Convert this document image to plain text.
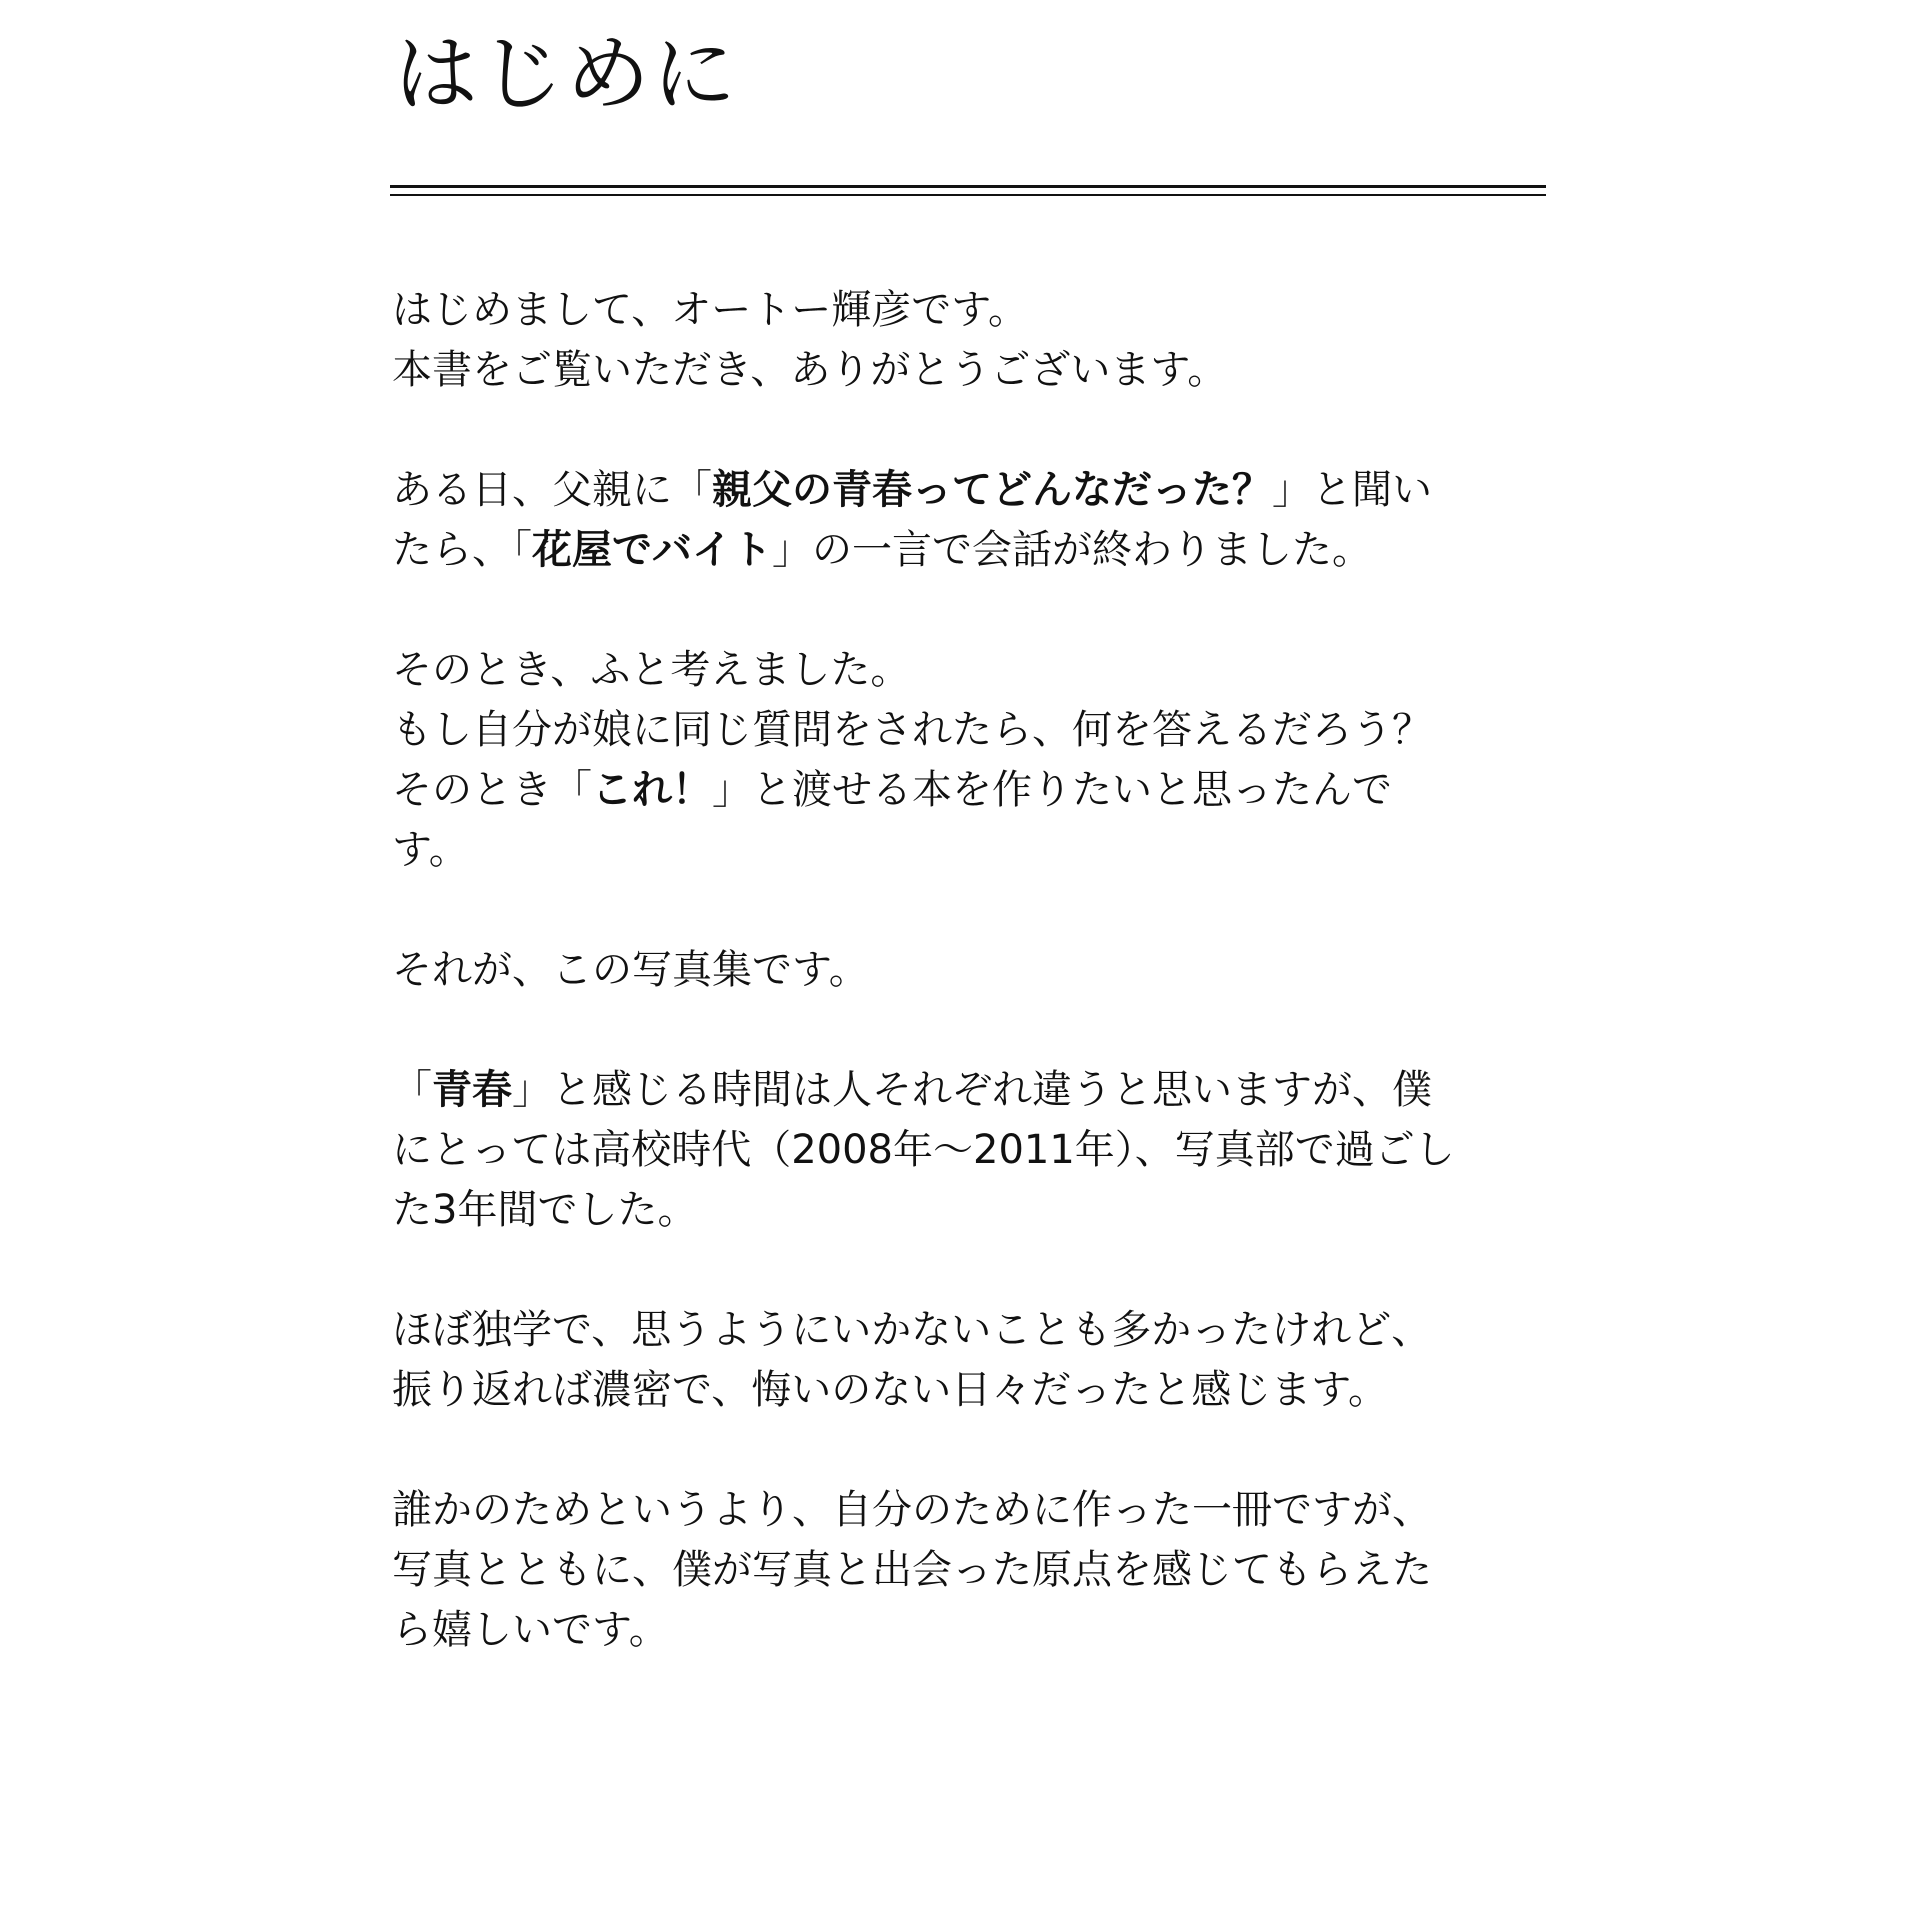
はじめに

はじめまして、オートー輝彦です。
本書をご覧いただき、ありがとうございます。

ある日、父親に「親父の青春ってどんなだった？」と聞い
たら、「花屋でバイト」の一言で会話が終わりました。

そのとき、ふと考えました。
もし自分が娘に同じ質問をされたら、何を答えるだろう？
そのとき「これ！」と渡せる本を作りたいと思ったんで
す。

それが、この写真集です。

「青春」と感じる時間は人それぞれ違うと思いますが、僕
にとっては高校時代（2008年〜2011年）、写真部で過ごし
た3年間でした。

ほぼ独学で、思うようにいかないことも多かったけれど、
振り返れば濃密で、悔いのない日々だったと感じます。

誰かのためというより、自分のために作った一冊ですが、
写真とともに、僕が写真と出会った原点を感じてもらえた
ら嬉しいです。
